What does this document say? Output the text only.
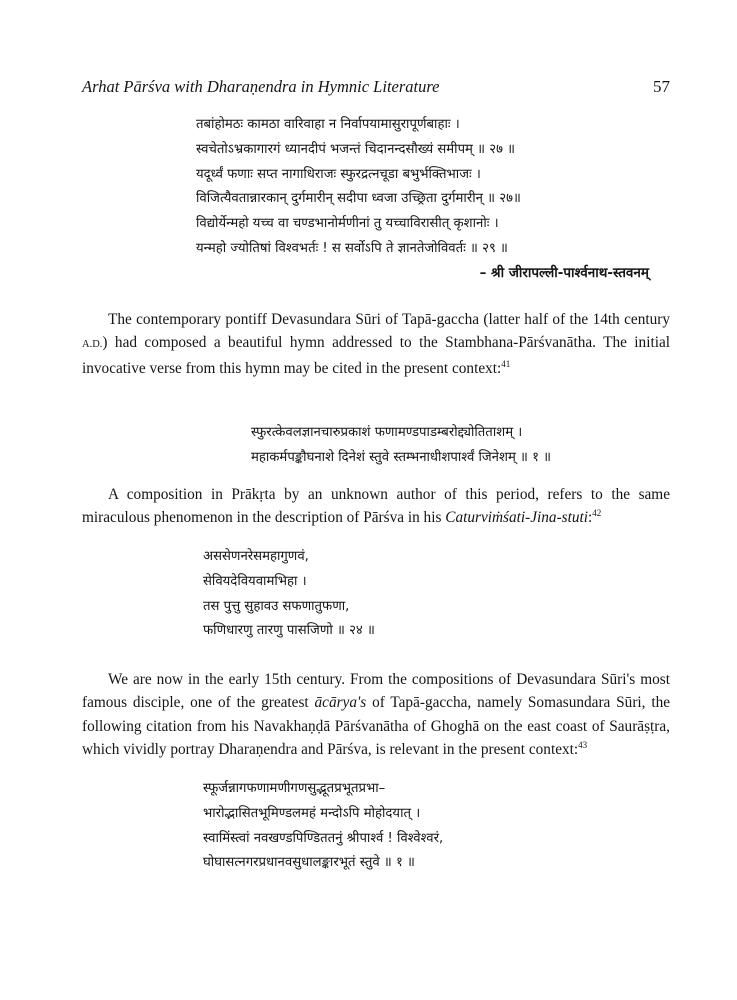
Arhat Pārśva with Dharaṇendra in Hymnic Literature	57
तबांहोमठः कामठा वारिवाहा न निर्वापयामासुरापूर्णबाहाः ।
स्वचेतोऽभ्रकागारगं ध्यानदीपं भजन्तं चिदानन्दसौख्यं समीपम् ॥ २७ ॥
यदूर्ध्वं फणाः सप्त नागाधिराजः स्फुरद्रत्नचूडा बभुर्भक्तिभाजः ।
विजित्यैवतान्नारकान् दुर्गमारीन् सदीपा ध्वजा उच्छ्रिता दुर्गमारीन् ॥ २७॥
विद्योर्येन्महो यच्च वा चण्डभानोर्मणीनां तु यच्चाविरासीत् कृशानोः ।
यन्महो ज्योतिषां विश्वभर्तः ! स सर्वोऽपि ते ज्ञानतेजोविवर्तः ॥ २९ ॥
– श्री जीरापल्ली-पार्श्वनाथ-स्तवनम्

The contemporary pontiff Devasundara Sūri of Tapā-gaccha (latter half of the 14th century A.D.) had composed a beautiful hymn addressed to the Stambhana-Pārśvanātha. The initial invocative verse from this hymn may be cited in the present context:$^{41}$

स्फुरत्केवलज्ञानचारुप्रकाशं फणामण्डपाडम्बरोद्द्योतिताशम् ।
महाकर्मपङ्कौघनाशे दिनेशं स्तुवे स्तम्भनाधीशपार्श्वं जिनेशम् ॥ १ ॥

A composition in Prākṛta by an unknown author of this period, refers to the same miraculous phenomenon in the description of Pārśva in his Caturviṁśati-Jina-stuti:$^{42}$

अससेणनरेसमहागुणवं,
सेवियदेवियवामभिहा ।
तस पुत्तु सुहावउ सफणातुफणा,
फणिधारणु तारणु पासजिणो ॥ २४ ॥

We are now in the early 15th century. From the compositions of Devasundara Sūri's most famous disciple, one of the greatest ācārya's of Tapā-gaccha, namely Somasundara Sūri, the following citation from his Navakhaṇḍā Pārśvanātha of Ghoghā on the east coast of Saurāṣṭra, which vividly portray Dharaṇendra and Pārśva, is relevant in the present context:$^{43}$

स्फूर्जन्नागफणामणीगणसुद्भूतप्रभूतप्रभा–
भारोद्भासितभूमिण्डलमहं मन्दोऽपि मोहोदयात् ।
स्वामिंस्त्वां नवखण्डपिण्डिततनुं श्रीपार्श्व ! विश्वेश्वरं,
घोघासत्नगरप्रधानवसुधालङ्कारभूतं स्तुवे ॥ १ ॥
